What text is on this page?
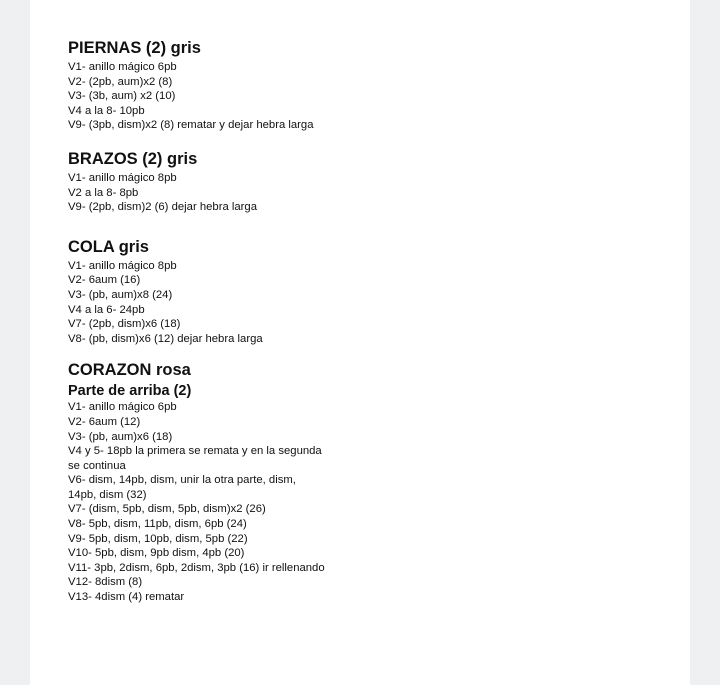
PIERNAS (2) gris
V1- anillo mágico 6pb
V2- (2pb, aum)x2 (8)
V3- (3b, aum) x2 (10)
V4 a la 8- 10pb
V9- (3pb, dism)x2 (8) rematar y dejar hebra larga
BRAZOS (2) gris
V1- anillo mágico 8pb
V2 a la 8- 8pb
V9- (2pb, dism)2 (6) dejar hebra larga
COLA gris
V1- anillo mágico 8pb
V2- 6aum (16)
V3- (pb, aum)x8 (24)
V4 a la 6- 24pb
V7- (2pb, dism)x6 (18)
V8- (pb, dism)x6 (12) dejar hebra larga
CORAZON rosa
Parte de arriba (2)
V1- anillo mágico 6pb
V2- 6aum (12)
V3- (pb, aum)x6 (18)
V4 y 5- 18pb la primera se remata y en la segunda
se continua
V6- dism, 14pb, dism, unir la otra parte, dism,
14pb, dism (32)
V7- (dism, 5pb, dism, 5pb, dism)x2 (26)
V8- 5pb, dism, 11pb, dism, 6pb (24)
V9- 5pb, dism, 10pb, dism, 5pb (22)
V10- 5pb, dism, 9pb dism, 4pb (20)
V11- 3pb, 2dism, 6pb, 2dism, 3pb (16) ir rellenando
V12- 8dism (8)
V13- 4dism (4) rematar
